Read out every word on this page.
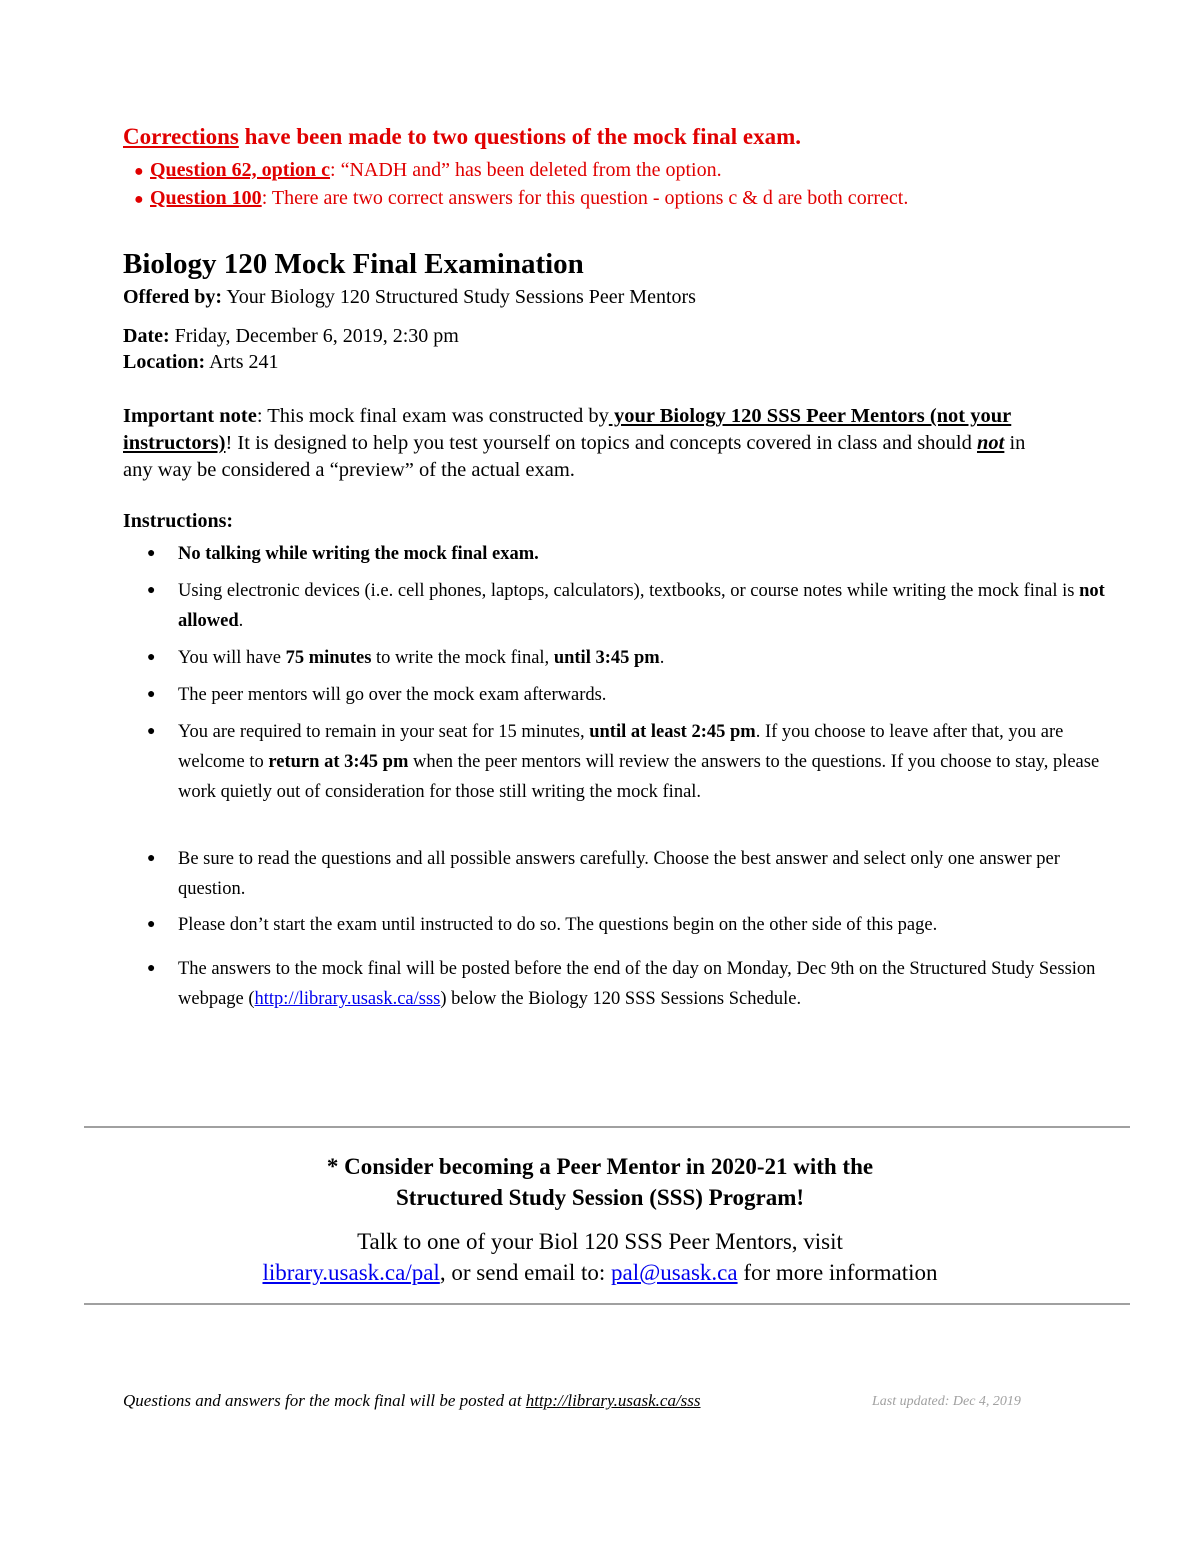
Corrections have been made to two questions of the mock final exam.
● Question 62, option c: “NADH and” has been deleted from the option.
● Question 100: There are two correct answers for this question - options c & d are both correct.
Biology 120 Mock Final Examination
Offered by: Your Biology 120 Structured Study Sessions Peer Mentors
Date: Friday, December 6, 2019, 2:30 pm
Location: Arts 241
Important note: This mock final exam was constructed by your Biology 120 SSS Peer Mentors (not your instructors)! It is designed to help you test yourself on topics and concepts covered in class and should not in any way be considered a “preview” of the actual exam.
Instructions:
● No talking while writing the mock final exam.
● Using electronic devices (i.e. cell phones, laptops, calculators), textbooks, or course notes while writing the mock final is not allowed.
● You will have 75 minutes to write the mock final, until 3:45 pm.
● The peer mentors will go over the mock exam afterwards.
● You are required to remain in your seat for 15 minutes, until at least 2:45 pm. If you choose to leave after that, you are welcome to return at 3:45 pm when the peer mentors will review the answers to the questions. If you choose to stay, please work quietly out of consideration for those still writing the mock final.
● Be sure to read the questions and all possible answers carefully. Choose the best answer and select only one answer per question.
● Please don’t start the exam until instructed to do so. The questions begin on the other side of this page.
● The answers to the mock final will be posted before the end of the day on Monday, Dec 9th on the Structured Study Session webpage (http://library.usask.ca/sss) below the Biology 120 SSS Sessions Schedule.
* Consider becoming a Peer Mentor in 2020-21 with the
Structured Study Session (SSS) Program!
Talk to one of your Biol 120 SSS Peer Mentors, visit
library.usask.ca/pal, or send email to: pal@usask.ca for more information
Questions and answers for the mock final will be posted at http://library.usask.ca/sss	Last updated: Dec 4, 2019
